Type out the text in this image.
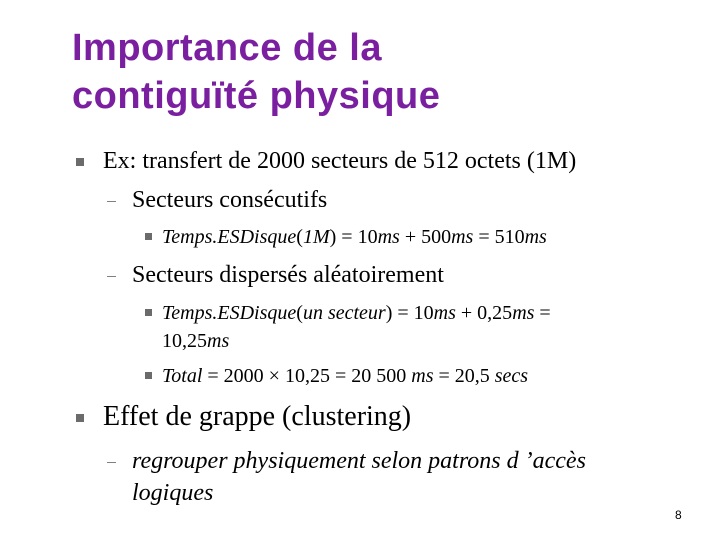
Importance de la
contiguïté physique
Ex: transfert de 2000 secteurs de 512 octets (1M)
Secteurs consécutifs
Temps.ESDisque(1M) = 10ms + 500ms = 510ms
Secteurs dispersés aléatoirement
Temps.ESDisque(un secteur) = 10ms + 0,25ms =
10,25ms
Total = 2000 × 10,25 = 20 500 ms = 20,5 secs
Effet de grappe (clustering)
regrouper physiquement selon patrons d ’accès
logiques
8
